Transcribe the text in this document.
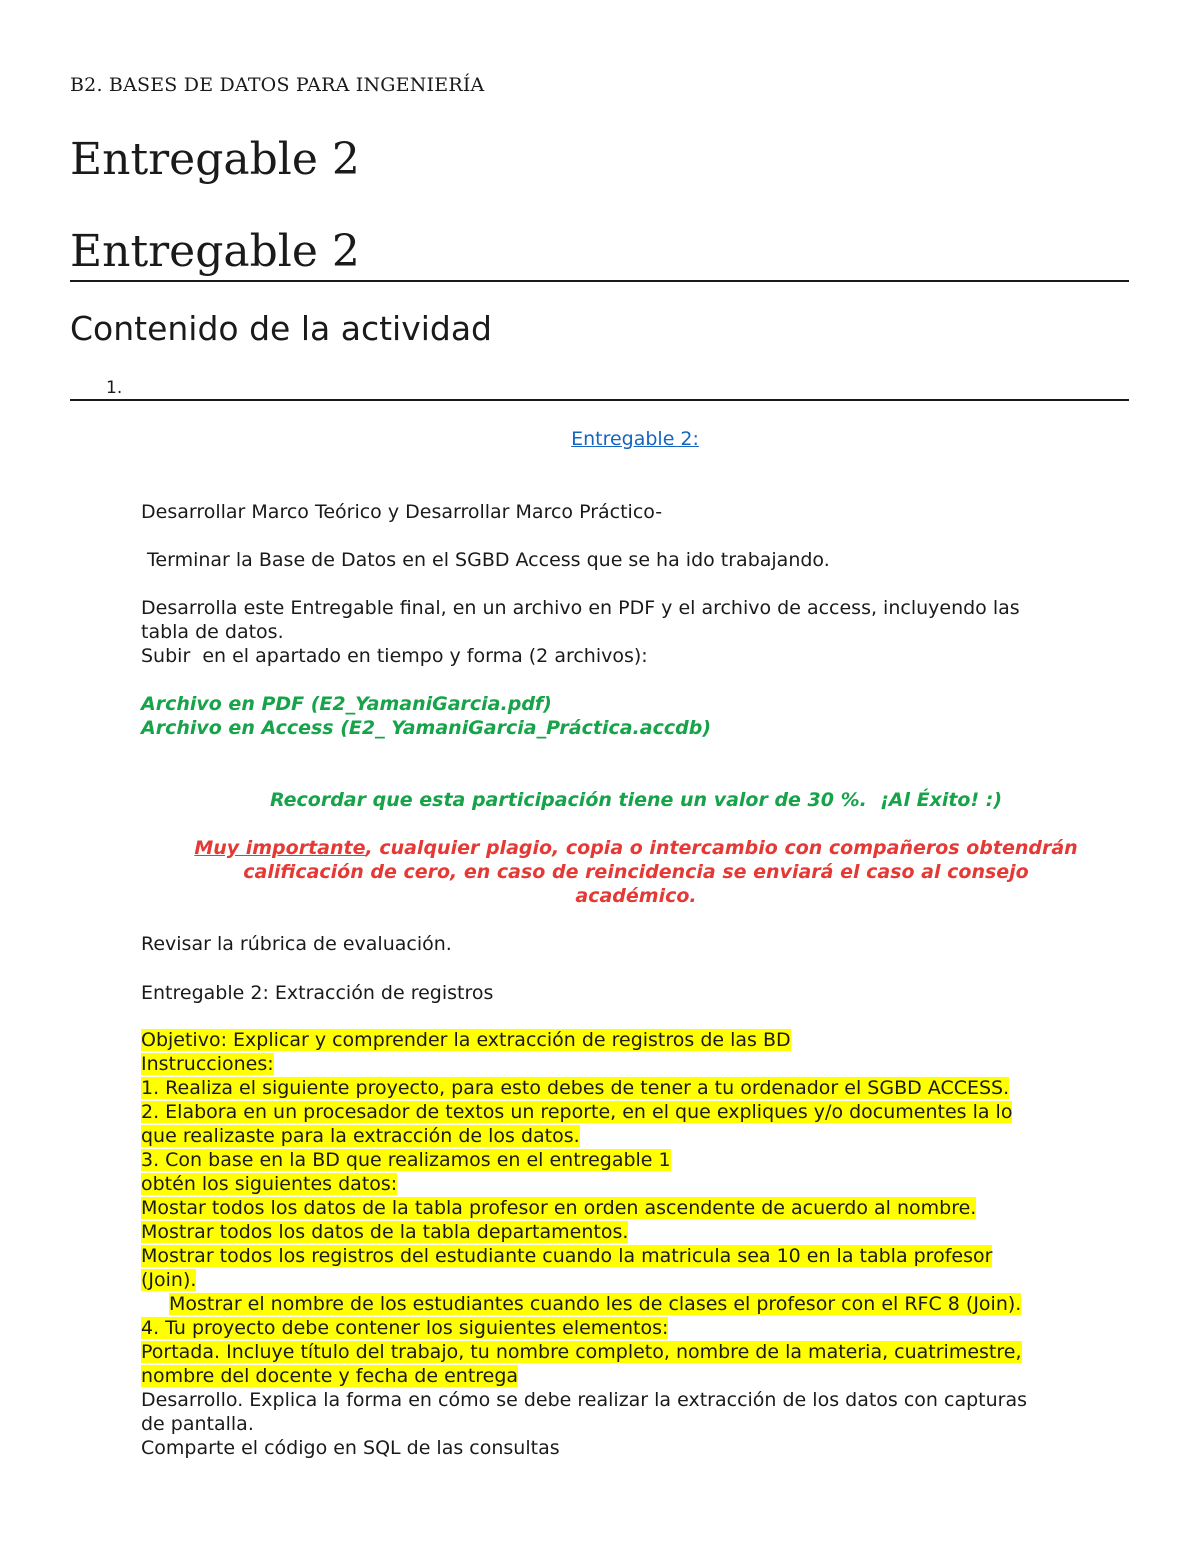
B2. BASES DE DATOS PARA INGENIERÍA
Entregable 2
Entregable 2
Contenido de la actividad
1.
Entregable 2:
Desarrollar Marco Teórico y Desarrollar Marco Práctico-
Terminar la Base de Datos en el SGBD Access que se ha ido trabajando.
Desarrolla este Entregable final, en un archivo en PDF y el archivo de access, incluyendo las
tabla de datos.
Subir  en el apartado en tiempo y forma (2 archivos):
Archivo en PDF (E2_YamaniGarcia.pdf)
Archivo en Access (E2_ YamaniGarcia_Práctica.accdb)
Recordar que esta participación tiene un valor de 30 %.  ¡Al Éxito! :)
Muy importante, cualquier plagio, copia o intercambio con compañeros obtendrán
calificación de cero, en caso de reincidencia se enviará el caso al consejo
académico.
Revisar la rúbrica de evaluación.
Entregable 2: Extracción de registros
Objetivo: Explicar y comprender la extracción de registros de las BD
Instrucciones:
1. Realiza el siguiente proyecto, para esto debes de tener a tu ordenador el SGBD ACCESS.
2. Elabora en un procesador de textos un reporte, en el que expliques y/o documentes la lo
que realizaste para la extracción de los datos.
3. Con base en la BD que realizamos en el entregable 1
obtén los siguientes datos:
Mostar todos los datos de la tabla profesor en orden ascendente de acuerdo al nombre.
Mostrar todos los datos de la tabla departamentos.
Mostrar todos los registros del estudiante cuando la matricula sea 10 en la tabla profesor
(Join).
Mostrar el nombre de los estudiantes cuando les de clases el profesor con el RFC 8 (Join).
4. Tu proyecto debe contener los siguientes elementos:
Portada. Incluye título del trabajo, tu nombre completo, nombre de la materia, cuatrimestre,
nombre del docente y fecha de entrega
Desarrollo. Explica la forma en cómo se debe realizar la extracción de los datos con capturas
de pantalla.
Comparte el código en SQL de las consultas
